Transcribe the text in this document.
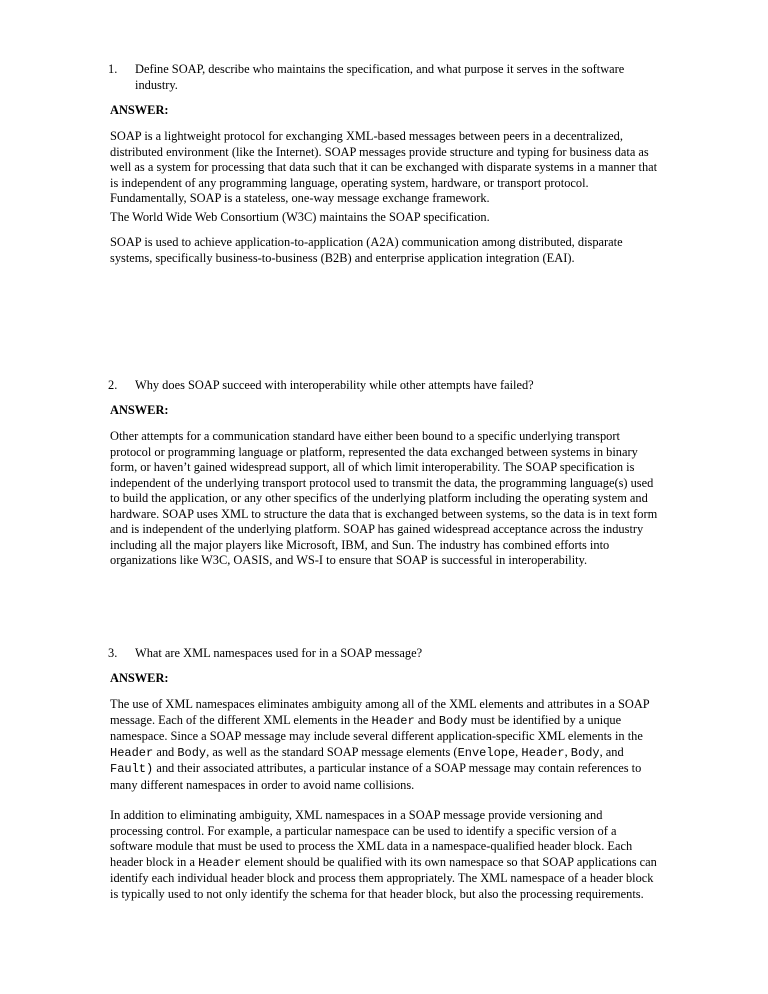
1.	Define SOAP, describe who maintains the specification, and what purpose it serves in the software industry.
ANSWER:

SOAP is a lightweight protocol for exchanging XML-based messages between peers in a decentralized, distributed environment (like the Internet). SOAP messages provide structure and typing for business data as well as a system for processing that data such that it can be exchanged with disparate systems in a manner that is independent of any programming language, operating system, hardware, or transport protocol. Fundamentally, SOAP is a stateless, one-way message exchange framework.

The World Wide Web Consortium (W3C) maintains the SOAP specification.

SOAP is used to achieve application-to-application (A2A) communication among distributed, disparate systems, specifically business-to-business (B2B) and enterprise application integration (EAI).

2.	Why does SOAP succeed with interoperability while other attempts have failed?
ANSWER:

Other attempts for a communication standard have either been bound to a specific underlying transport protocol or programming language or platform, represented the data exchanged between systems in binary form, or haven’t gained widespread support, all of which limit interoperability. The SOAP specification is independent of the underlying transport protocol used to transmit the data, the programming language(s) used to build the application, or any other specifics of the underlying platform including the operating system and hardware. SOAP uses XML to structure the data that is exchanged between systems, so the data is in text form and is independent of the underlying platform. SOAP has gained widespread acceptance across the industry including all the major players like Microsoft, IBM, and Sun. The industry has combined efforts into organizations like W3C, OASIS, and WS-I to ensure that SOAP is successful in interoperability.

3.	What are XML namespaces used for in a SOAP message?
ANSWER:

The use of XML namespaces eliminates ambiguity among all of the XML elements and attributes in a SOAP message. Each of the different XML elements in the Header and Body must be identified by a unique namespace. Since a SOAP message may include several different application-specific XML elements in the Header and Body, as well as the standard SOAP message elements (Envelope, Header, Body, and Fault) and their associated attributes, a particular instance of a SOAP message may contain references to many different namespaces in order to avoid name collisions.

In addition to eliminating ambiguity, XML namespaces in a SOAP message provide versioning and processing control. For example, a particular namespace can be used to identify a specific version of a software module that must be used to process the XML data in a namespace-qualified header block. Each header block in a Header element should be qualified with its own namespace so that SOAP applications can identify each individual header block and process them appropriately. The XML namespace of a header block is typically used to not only identify the schema for that header block, but also the processing requirements.
